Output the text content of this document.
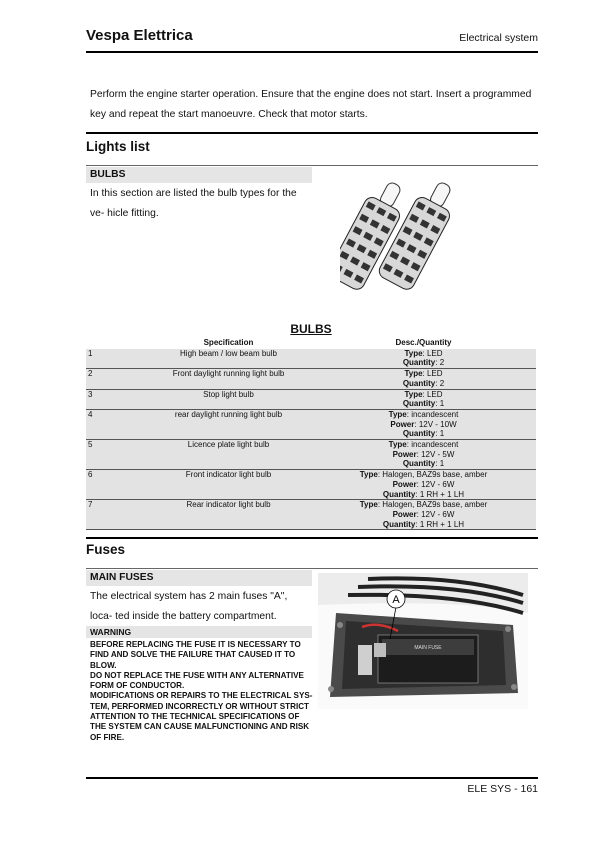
Vespa Elettrica	Electrical system

Perform the engine starter operation. Ensure that the engine does not start. Insert a programmed key and repeat the start manoeuvre. Check that motor starts.

Lights list
BULBS

In this section are listed the bulb types for the ve- hicle fitting.

BULBS
	Specification	Desc./Quantity
1	High beam / low beam bulb	Type: LED
Quantity: 2

2	Front daylight running light bulb	Type: LED
Quantity: 2

3	Stop light bulb	Type: LED
Quantity: 1

4	rear daylight running light bulb	Type: incandescent
Power: 12V - 10W
Quantity: 1

5	Licence plate light bulb	Type: incandescent
Power: 12V - 5W
Quantity: 1

6	Front indicator light bulb	Type: Halogen, BAZ9s base, amber
Power: 12V - 6W
Quantity: 1 RH + 1 LH

7	Rear indicator light bulb	Type: Halogen, BAZ9s base, amber
Power: 12V - 6W
Quantity: 1 RH + 1 LH
Fuses
MAIN FUSES

The electrical system has 2 main fuses "A", loca- ted inside the battery compartment.

WARNING
BEFORE REPLACING THE FUSE IT IS NECESSARY TO
FIND AND SOLVE THE FAILURE THAT CAUSED IT TO
BLOW.
DO NOT REPLACE THE FUSE WITH ANY ALTERNATIVE
FORM OF CONDUCTOR.
MODIFICATIONS OR REPAIRS TO THE ELECTRICAL SYS-
TEM, PERFORMED INCORRECTLY OR WITHOUT STRICT
ATTENTION TO THE TECHNICAL SPECIFICATIONS OF
THE SYSTEM CAN CAUSE MALFUNCTIONING AND RISK
OF FIRE.
A
MAIN FUSE
ELE SYS - 161
